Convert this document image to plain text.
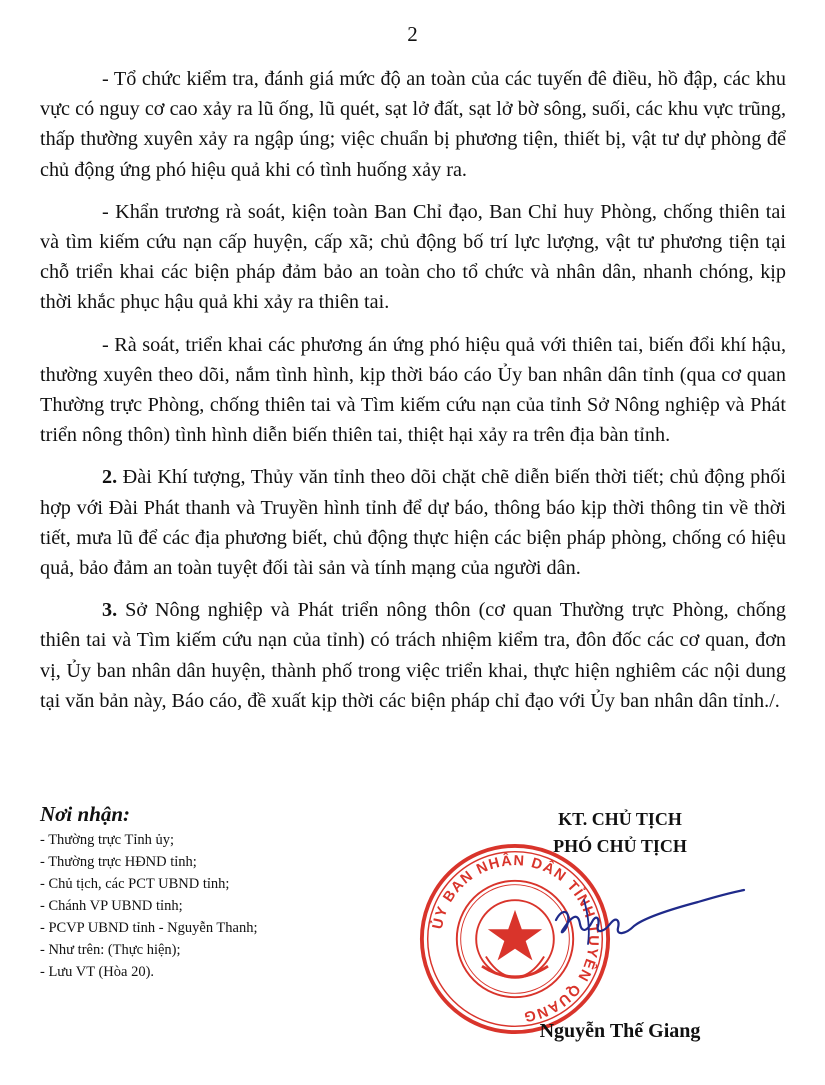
2

- Tổ chức kiểm tra, đánh giá mức độ an toàn của các tuyến đê điều, hồ đập, các khu vực có nguy cơ cao xảy ra lũ ống, lũ quét, sạt lở đất, sạt lở bờ sông, suối, các khu vực trũng, thấp thường xuyên xảy ra ngập úng; việc chuẩn bị phương tiện, thiết bị, vật tư dự phòng để chủ động ứng phó hiệu quả khi có tình huống xảy ra.

- Khẩn trương rà soát, kiện toàn Ban Chỉ đạo, Ban Chỉ huy Phòng, chống thiên tai và tìm kiếm cứu nạn cấp huyện, cấp xã; chủ động bố trí lực lượng, vật tư phương tiện tại chỗ triển khai các biện pháp đảm bảo an toàn cho tổ chức và nhân dân, nhanh chóng, kịp thời khắc phục hậu quả khi xảy ra thiên tai.

- Rà soát, triển khai các phương án ứng phó hiệu quả với thiên tai, biến đổi khí hậu, thường xuyên theo dõi, nắm tình hình, kịp thời báo cáo Ủy ban nhân dân tỉnh (qua cơ quan Thường trực Phòng, chống thiên tai và Tìm kiếm cứu nạn của tỉnh Sở Nông nghiệp và Phát triển nông thôn) tình hình diễn biến thiên tai, thiệt hại xảy ra trên địa bàn tỉnh.

2. Đài Khí tượng, Thủy văn tỉnh theo dõi chặt chẽ diễn biến thời tiết; chủ động phối hợp với Đài Phát thanh và Truyền hình tỉnh để dự báo, thông báo kịp thời thông tin về thời tiết, mưa lũ để các địa phương biết, chủ động thực hiện các biện pháp phòng, chống có hiệu quả, bảo đảm an toàn tuyệt đối tài sản và tính mạng của người dân.

3. Sở Nông nghiệp và Phát triển nông thôn (cơ quan Thường trực Phòng, chống thiên tai và Tìm kiếm cứu nạn của tỉnh) có trách nhiệm kiểm tra, đôn đốc các cơ quan, đơn vị, Ủy ban nhân dân huyện, thành phố trong việc triển khai, thực hiện nghiêm các nội dung tại văn bản này, Báo cáo, đề xuất kịp thời các biện pháp chỉ đạo với Ủy ban nhân dân tỉnh./.

Nơi nhận:
- Thường trực Tỉnh ủy;
- Thường trực HĐND tỉnh;
- Chủ tịch, các PCT UBND tỉnh;
- Chánh VP UBND tỉnh;
- PCVP UBND tỉnh - Nguyễn Thanh;
- Như trên: (Thực hiện);
- Lưu VT (Hòa 20).
KT. CHỦ TỊCH
PHÓ CHỦ TỊCH
ỦY BAN NHÂN DÂN TỈNH TUYÊN QUANG
Nguyễn Thế Giang
